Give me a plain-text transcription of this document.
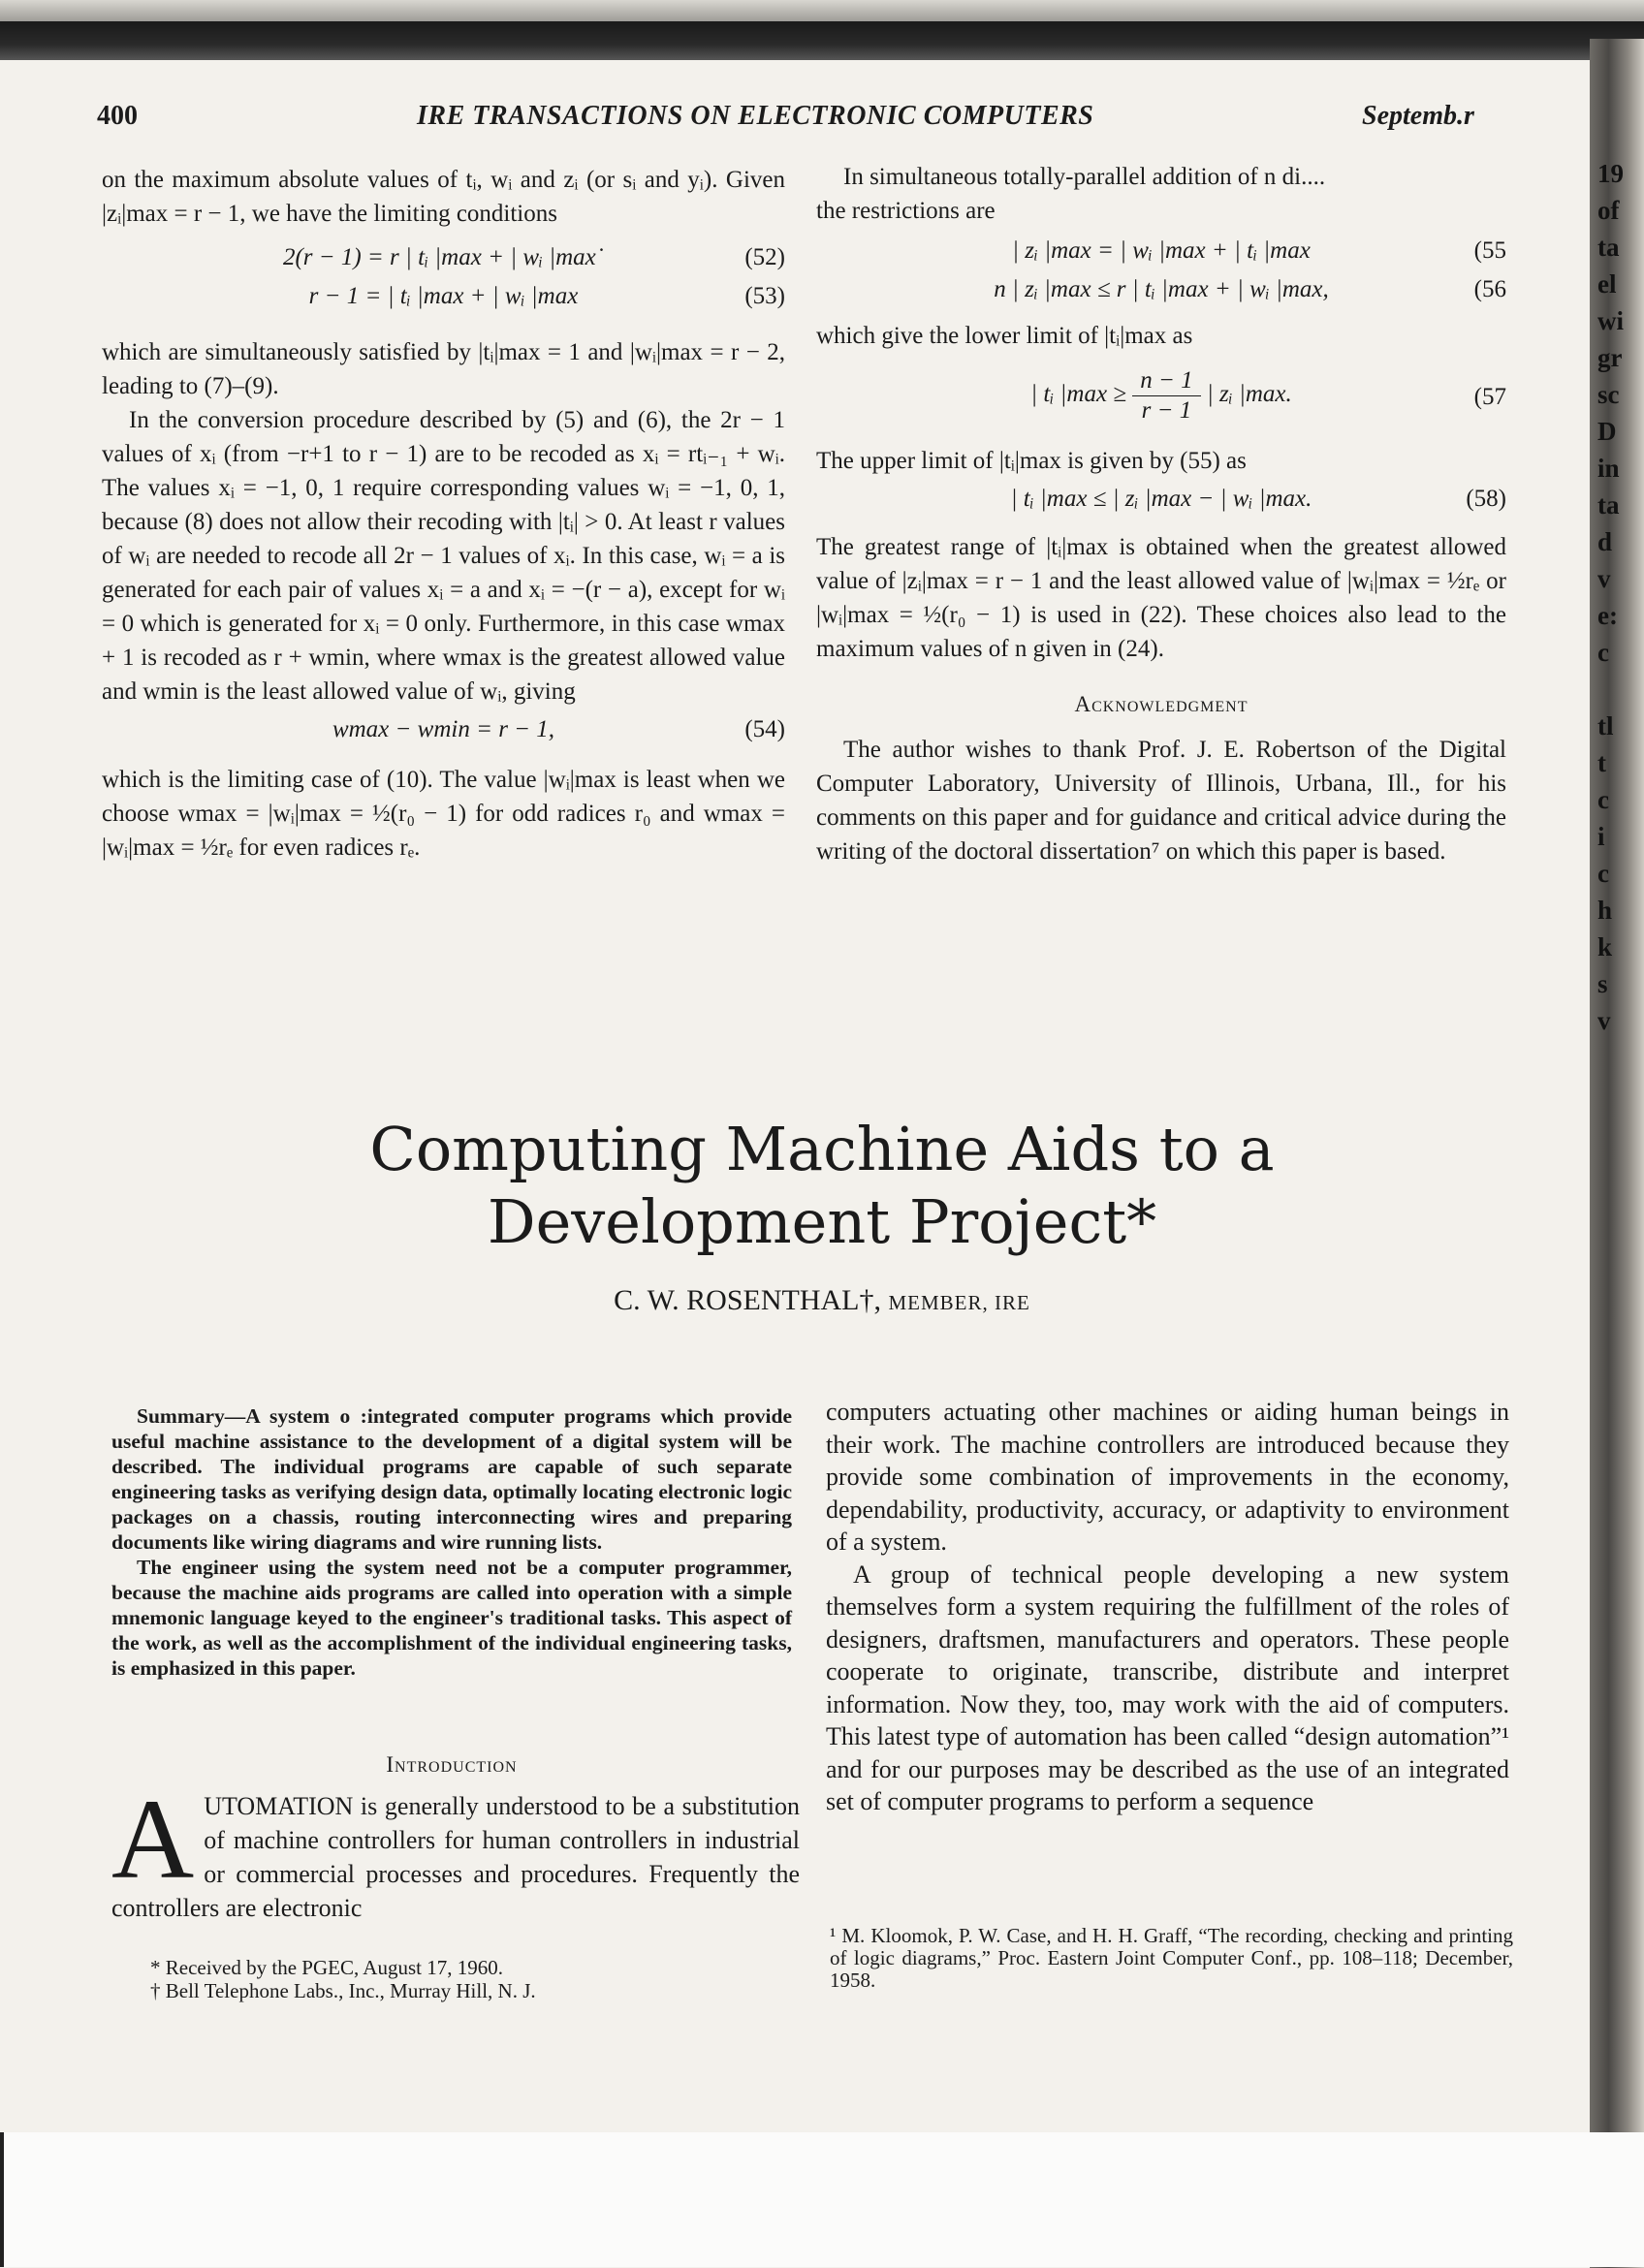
19
of
ta
el
wi
gr
sc
D
in
ta
d
v
e:
c
tl
t
c
i
c
h
k
s
v
400	IRE TRANSACTIONS ON ELECTRONIC COMPUTERS	Septemb.r

on the maximum absolute values of tᵢ, wᵢ and zᵢ (or sᵢ and yᵢ). Given |zᵢ|max = r − 1, we have the limiting conditions

2(r − 1) = r | tᵢ |max + | wᵢ |max˙	(52)
r − 1 = | tᵢ |max + | wᵢ |max	(53)

which are simultaneously satisfied by |tᵢ|max = 1 and |wᵢ|max = r − 2, leading to (7)–(9).

In the conversion procedure described by (5) and (6), the 2r − 1 values of xᵢ (from −r+1 to r − 1) are to be recoded as xᵢ = rtᵢ₋₁ + wᵢ. The values xᵢ = −1, 0, 1 require corresponding values wᵢ = −1, 0, 1, because (8) does not allow their recoding with |tᵢ| > 0. At least r values of wᵢ are needed to recode all 2r − 1 values of xᵢ. In this case, wᵢ = a is generated for each pair of values xᵢ = a and xᵢ = −(r − a), except for wᵢ = 0 which is generated for xᵢ = 0 only. Furthermore, in this case wmax + 1 is recoded as r + wmin, where wmax is the greatest allowed value and wmin is the least allowed value of wᵢ, giving

wmax − wmin = r − 1,	(54)

which is the limiting case of (10). The value |wᵢ|max is least when we choose wmax = |wᵢ|max = ½(r₀ − 1) for odd radices r₀ and wmax = |wᵢ|max = ½rₑ for even radices rₑ.

In simultaneous totally-parallel addition of n di....

the restrictions are

| zᵢ |max = | wᵢ |max + | tᵢ |max	(55
n | zᵢ |max ≤ r | tᵢ |max + | wᵢ |max,	(56

which give the lower limit of |tᵢ|max as

| tᵢ $|\max \ge \frac{n - 1}{r - 1}$ | zᵢ |max.	(57

The upper limit of |tᵢ|max is given by (55) as

| tᵢ |max ≤ | zᵢ |max − | wᵢ |max.	(58)

The greatest range of |tᵢ|max is obtained when the greatest allowed value of |zᵢ|max = r − 1 and the least allowed value of |wᵢ|max = ½rₑ or |wᵢ|max = ½(r₀ − 1) is used in (22). These choices also lead to the maximum values of n given in (24).

Acknowledgment

The author wishes to thank Prof. J. E. Robertson of the Digital Computer Laboratory, University of Illinois, Urbana, Ill., for his comments on this paper and for guidance and critical advice during the writing of the doctoral dissertation⁷ on which this paper is based.

Computing Machine Aids to a
Development Project*
C. W. ROSENTHAL†, MEMBER, IRE

Summary—A system o :integrated computer programs which provide useful machine assistance to the development of a digital system will be described. The individual programs are capable of such separate engineering tasks as verifying design data, optimally locating electronic logic packages on a chassis, routing interconnecting wires and preparing documents like wiring diagrams and wire running lists.

The engineer using the system need not be a computer programmer, because the machine aids programs are called into operation with a simple mnemonic language keyed to the engineer's traditional tasks. This aspect of the work, as well as the accomplishment of the individual engineering tasks, is emphasized in this paper.

Introduction
A UTOMATION is generally understood to be a substitution of machine controllers for human controllers in industrial or commercial processes and procedures. Frequently the controllers are electronic
* Received by the PGEC, August 17, 1960.
† Bell Telephone Labs., Inc., Murray Hill, N. J.

computers actuating other machines or aiding human beings in their work. The machine controllers are introduced because they provide some combination of improvements in the economy, dependability, productivity, accuracy, or adaptivity to environment of a system.

A group of technical people developing a new system themselves form a system requiring the fulfillment of the roles of designers, draftsmen, manufacturers and operators. These people cooperate to originate, transcribe, distribute and interpret information. Now they, too, may work with the aid of computers. This latest type of automation has been called “design automation”¹ and for our purposes may be described as the use of an integrated set of computer programs to perform a sequence

¹ M. Kloomok, P. W. Case, and H. H. Graff, “The recording, checking and printing of logic diagrams,” Proc. Eastern Joint Computer Conf., pp. 108–118; December, 1958.
